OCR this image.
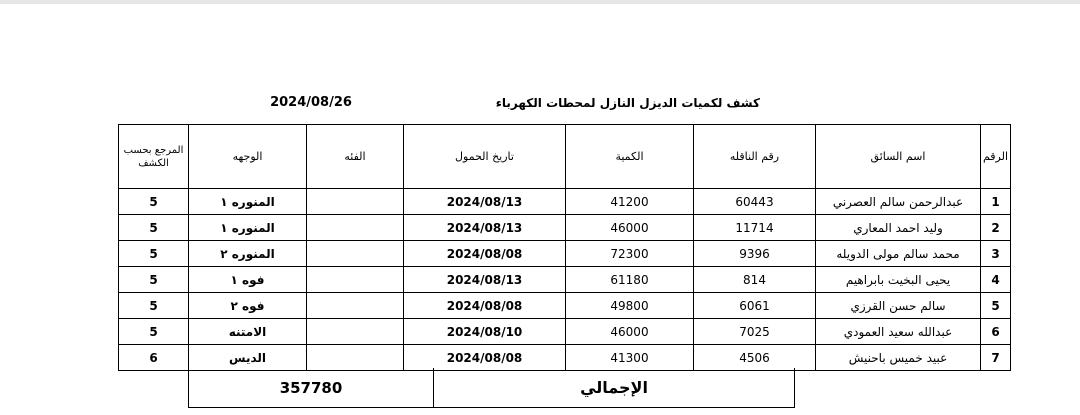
كشف لكميات الديزل النازل لمحطات الكهرباء
2024/08/26
الرقم	اسم السائق	رقم الناقله	الكمية	تاريخ الحمول	الفئه	الوجهه	المرجع بحسب الكشف
1	عبدالرحمن سالم العصرني	60443	41200	2024/08/13		المنوره ١	5
2	وليد احمد المعاري	11714	46000	2024/08/13		المنوره ١	5
3	محمد سالم مولى الدويله	9396	72300	2024/08/08		المنوره ٢	5
4	يحيى البخيت بابراهيم	814	61180	2024/08/13		فوه ١	5
5	سالم حسن القرزي	6061	49800	2024/08/08		فوه ٢	5
6	عبدالله سعيد العمودي	7025	46000	2024/08/10		الامتنه	5
7	عبيد خميس باحنيش	4506	41300	2024/08/08		الديس	6
357780	الإجمالي
